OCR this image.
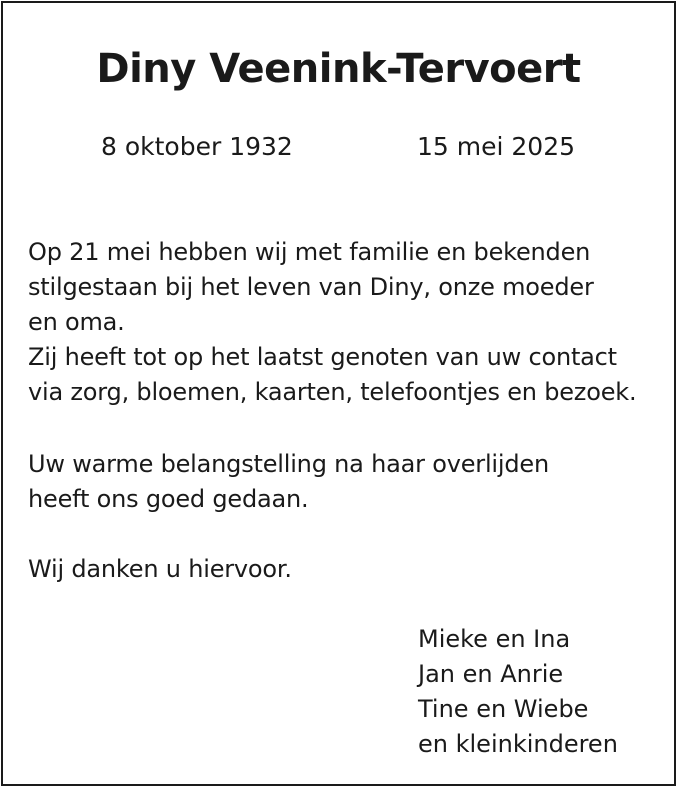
Diny Veenink-Tervoert
8 oktober 1932	15 mei 2025

Op 21 mei hebben wij met familie en bekenden
stilgestaan bij het leven van Diny, onze moeder
en oma.
Zij heeft tot op het laatst genoten van uw contact
via zorg, bloemen, kaarten, telefoontjes en bezoek.

Uw warme belangstelling na haar overlijden
heeft ons goed gedaan.

Wij danken u hiervoor.

Mieke en Ina
Jan en Anrie
Tine en Wiebe
en kleinkinderen
